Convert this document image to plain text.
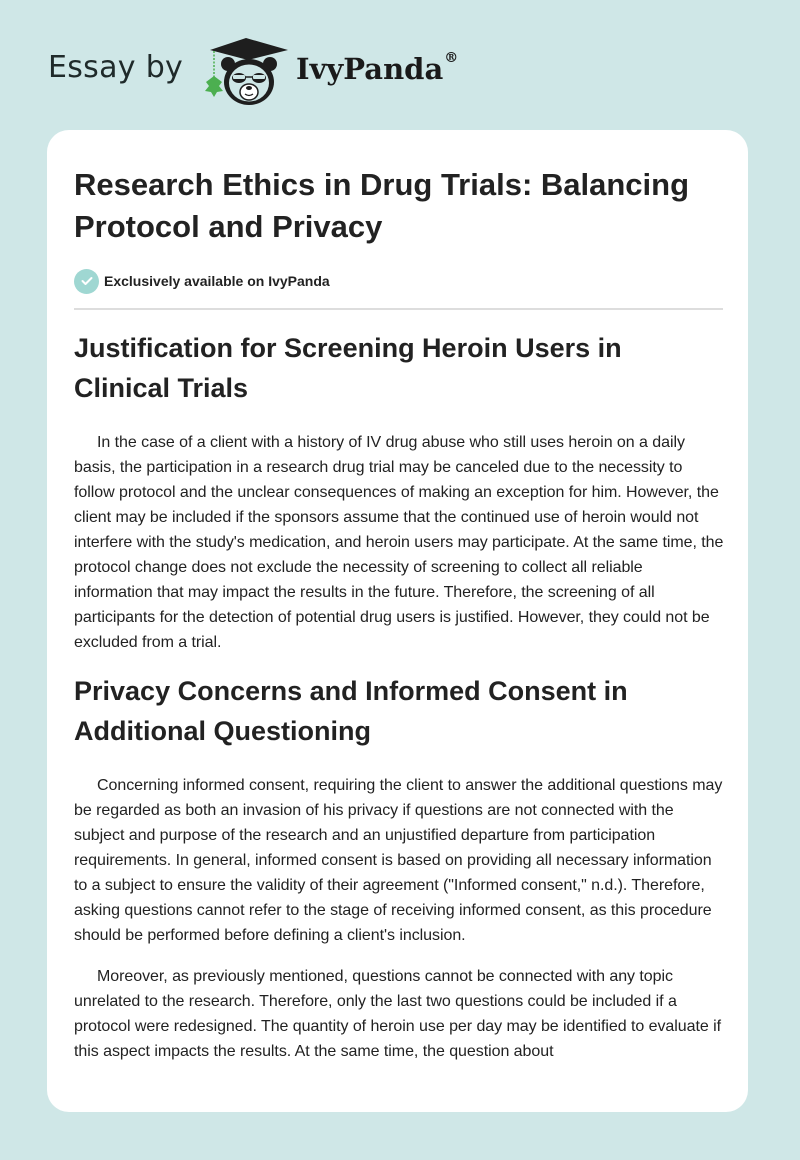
Essay by	IvyPanda®
Research Ethics in Drug Trials: Balancing Protocol and Privacy
Exclusively available on IvyPanda
Justification for Screening Heroin Users in Clinical Trials

In the case of a client with a history of IV drug abuse who still uses heroin on a daily basis, the participation in a research drug trial may be canceled due to the necessity to follow protocol and the unclear consequences of making an exception for him. However, the client may be included if the sponsors assume that the continued use of heroin would not interfere with the study's medication, and heroin users may participate. At the same time, the protocol change does not exclude the necessity of screening to collect all reliable information that may impact the results in the future. Therefore, the screening of all participants for the detection of potential drug users is justified. However, they could not be excluded from a trial.

Privacy Concerns and Informed Consent in Additional Questioning

Concerning informed consent, requiring the client to answer the additional questions may be regarded as both an invasion of his privacy if questions are not connected with the subject and purpose of the research and an unjustified departure from participation requirements. In general, informed consent is based on providing all necessary information to a subject to ensure the validity of their agreement ("Informed consent," n.d.). Therefore, asking questions cannot refer to the stage of receiving informed consent, as this procedure should be performed before defining a client's inclusion.

Moreover, as previously mentioned, questions cannot be connected with any topic unrelated to the research. Therefore, only the last two questions could be included if a protocol were redesigned. The quantity of heroin use per day may be identified to evaluate if this aspect impacts the results. At the same time, the question about
